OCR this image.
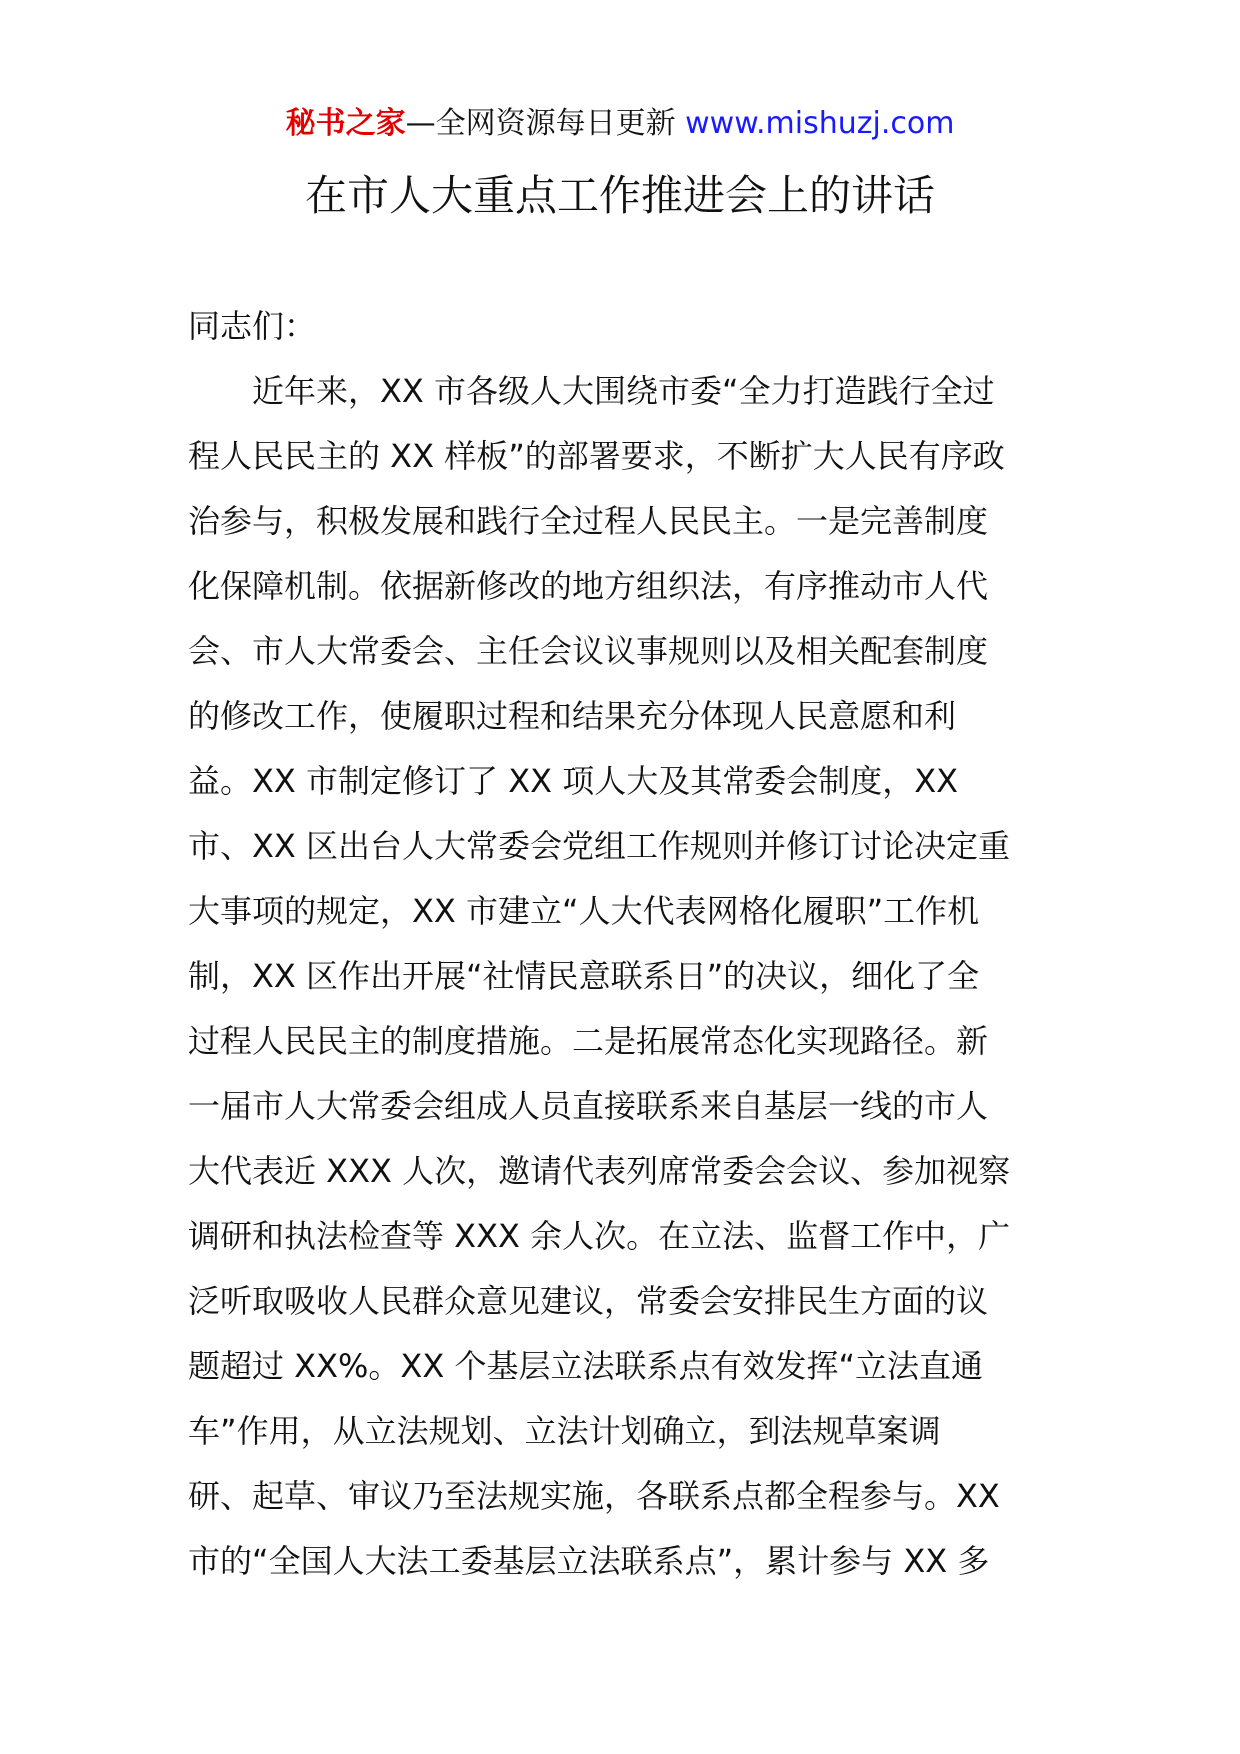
秘书之家—全网资源每日更新 www.mishuzj.com
在市人大重点工作推进会上的讲话
同志们：
近年来，XX 市各级人大围绕市委“全力打造践行全过
程人民民主的 XX 样板”的部署要求，不断扩大人民有序政
治参与，积极发展和践行全过程人民民主。一是完善制度
化保障机制。依据新修改的地方组织法，有序推动市人代
会、市人大常委会、主任会议议事规则以及相关配套制度
的修改工作，使履职过程和结果充分体现人民意愿和利
益。XX 市制定修订了 XX 项人大及其常委会制度，XX
市、XX 区出台人大常委会党组工作规则并修订讨论决定重
大事项的规定，XX 市建立“人大代表网格化履职”工作机
制，XX 区作出开展“社情民意联系日”的决议，细化了全
过程人民民主的制度措施。二是拓展常态化实现路径。新
一届市人大常委会组成人员直接联系来自基层一线的市人
大代表近 XXX 人次，邀请代表列席常委会会议、参加视察
调研和执法检查等 XXX 余人次。在立法、监督工作中，广
泛听取吸收人民群众意见建议，常委会安排民生方面的议
题超过 XX%。XX 个基层立法联系点有效发挥“立法直通
车”作用，从立法规划、立法计划确立，到法规草案调
研、起草、审议乃至法规实施，各联系点都全程参与。XX
市的“全国人大法工委基层立法联系点”，累计参与 XX 多
